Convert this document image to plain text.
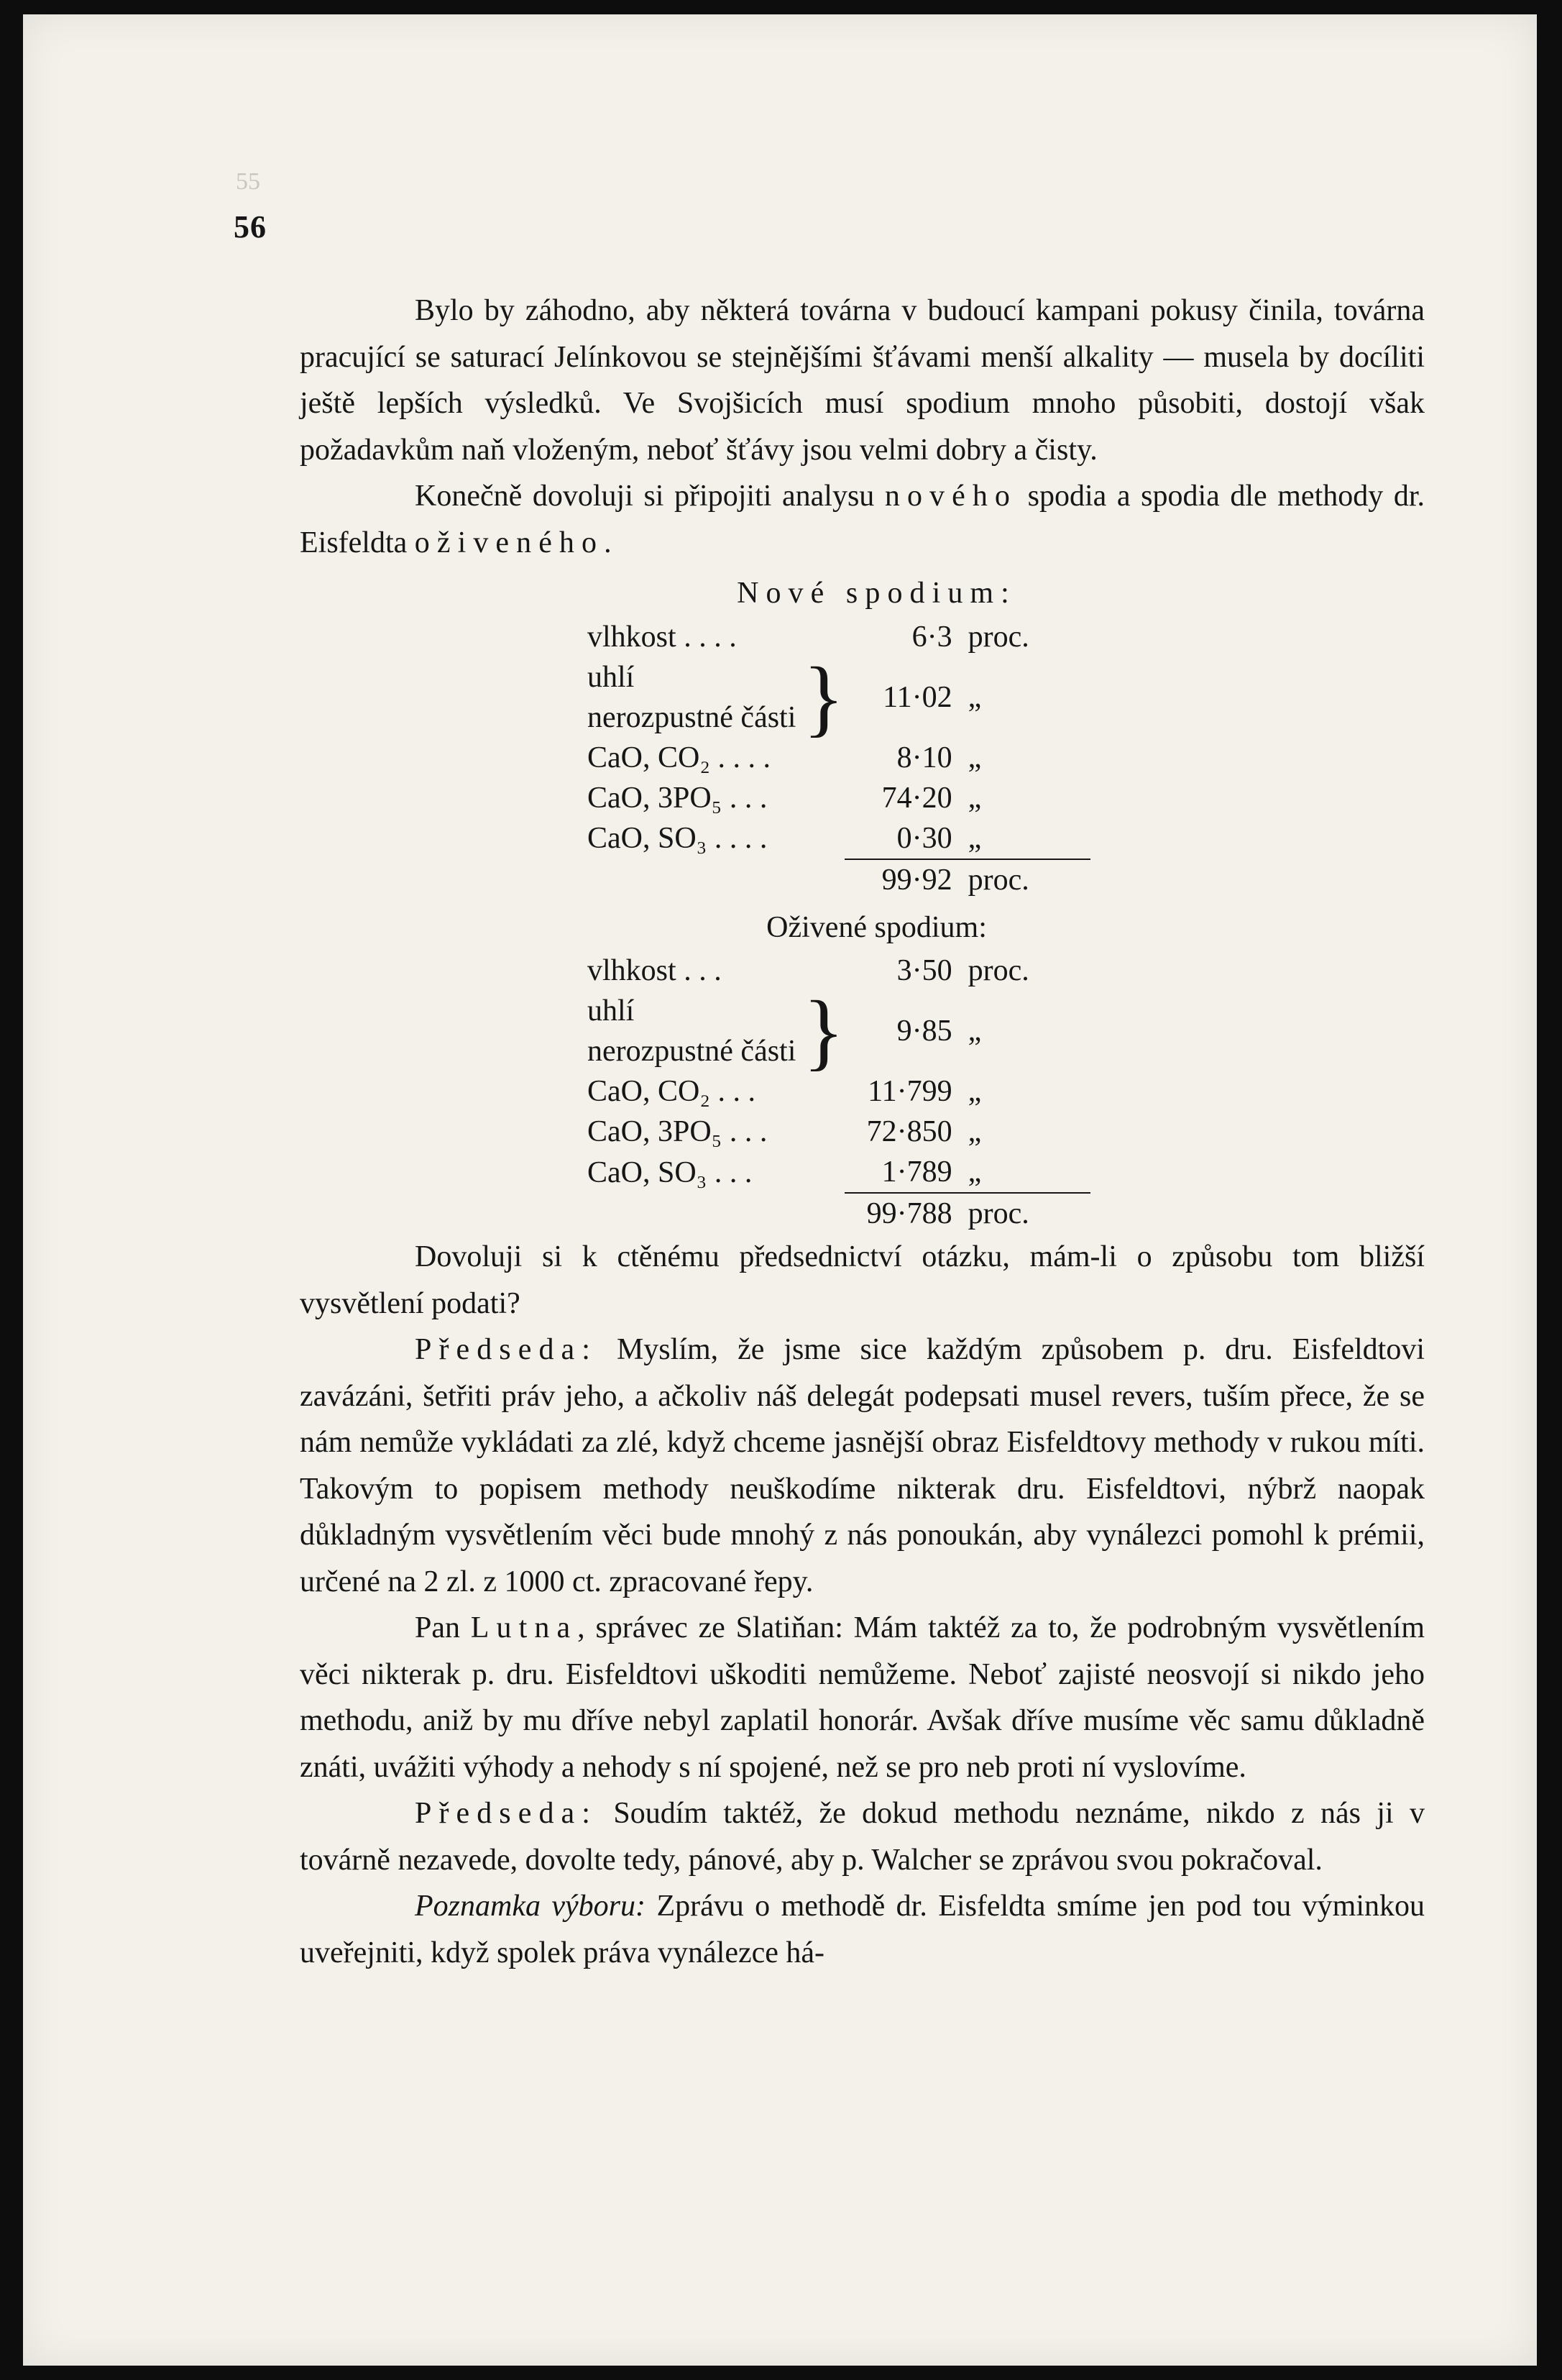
55
56

Bylo by záhodno, aby některá továrna v budoucí kampani pokusy činila, továrna pracující se saturací Jelínkovou se stejnějšími šťávami menší alkality — musela by docíliti ještě lepších výsledků. Ve Svojšicích musí spodium mnoho působiti, dostojí však požadavkům naň vloženým, neboť šťávy jsou velmi dobry a čisty.

Konečně dovoluji si připojiti analysu nového spodia a spodia dle methody dr. Eisfeldta oživeného.

Nové spodium:

vlhkost . . . .		6·3	proc.
uhlí	}	11·02	„
nerozpustné části			
CaO, CO₂ . . . .		8·10	„
CaO, 3PO₅ . . .		74·20	„
CaO, SO₃ . . . .		0·30	„
		99·92	proc.

Oživené spodium:

vlhkost . . .		3·50	proc.
uhlí	}	9·85	„
nerozpustné části			
CaO, CO₂ . . .		11·799	„
CaO, 3PO₅ . . .		72·850	„
CaO, SO₃ . . .		1·789	„
		99·788	proc.

Dovoluji si k ctěnému předsednictví otázku, mám-li o způsobu tom bližší vysvětlení podati?

Předseda: Myslím, že jsme sice každým způsobem p. dru. Eisfeldtovi zavázáni, šetřiti práv jeho, a ačkoliv náš delegát podepsati musel revers, tuším přece, že se nám nemůže vykládati za zlé, když chceme jasnější obraz Eisfeldtovy methody v rukou míti. Takovým to popisem methody neuškodíme nikterak dru. Eisfeldtovi, nýbrž naopak důkladným vysvětlením věci bude mnohý z nás ponoukán, aby vynálezci pomohl k prémii, určené na 2 zl. z 1000 ct. zpracované řepy.

Pan Lutna, správec ze Slatiňan: Mám taktéž za to, že podrobným vysvětlením věci nikterak p. dru. Eisfeldtovi uškoditi nemůžeme. Neboť zajisté neosvojí si nikdo jeho methodu, aniž by mu dříve nebyl zaplatil honorár. Avšak dříve musíme věc samu důkladně znáti, uvážiti výhody a nehody s ní spojené, než se pro neb proti ní vyslovíme.

Předseda: Soudím taktéž, že dokud methodu neznáme, nikdo z nás ji v továrně nezavede, dovolte tedy, pánové, aby p. Walcher se zprávou svou pokračoval.

Poznamka výboru: Zprávu o methodě dr. Eisfeldta smíme jen pod tou výminkou uveřejniti, když spolek práva vynálezce há-
